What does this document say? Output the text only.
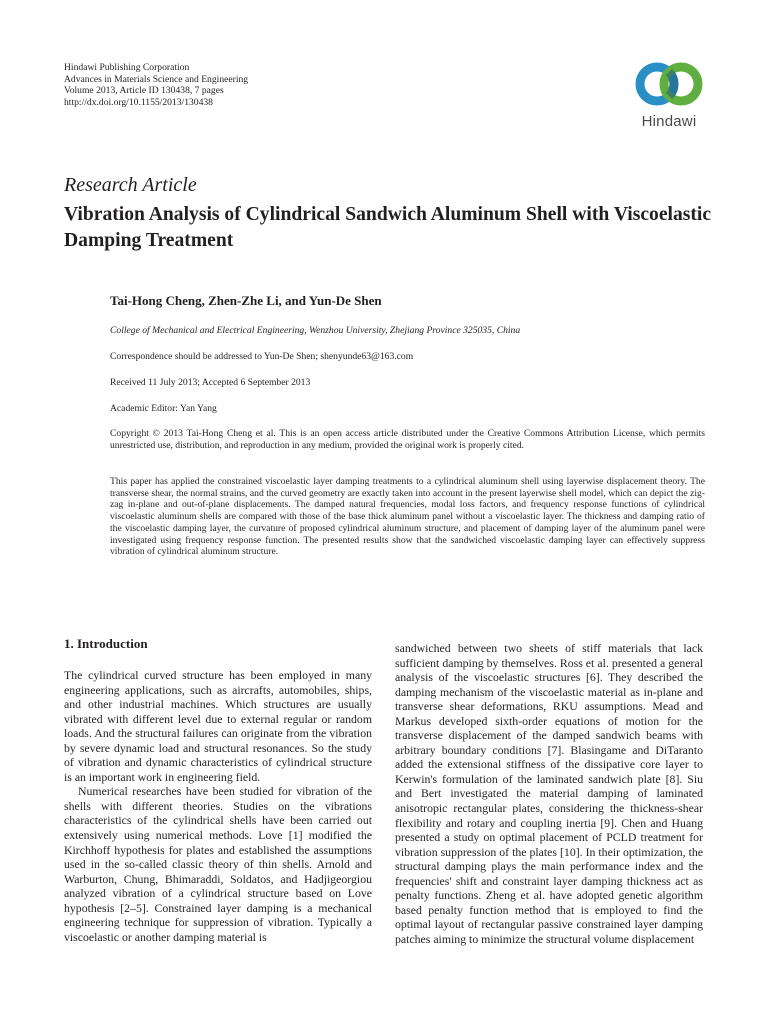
Hindawi Publishing Corporation
Advances in Materials Science and Engineering
Volume 2013, Article ID 130438, 7 pages
http://dx.doi.org/10.1155/2013/130438
Hindawi
Research Article
Vibration Analysis of Cylindrical Sandwich Aluminum Shell with Viscoelastic Damping Treatment
Tai-Hong Cheng, Zhen-Zhe Li, and Yun-De Shen
College of Mechanical and Electrical Engineering, Wenzhou University, Zhejiang Province 325035, China
Correspondence should be addressed to Yun-De Shen; shenyunde63@163.com
Received 11 July 2013; Accepted 6 September 2013
Academic Editor: Yan Yang
Copyright © 2013 Tai-Hong Cheng et al. This is an open access article distributed under the Creative Commons Attribution License, which permits unrestricted use, distribution, and reproduction in any medium, provided the original work is properly cited.
This paper has applied the constrained viscoelastic layer damping treatments to a cylindrical aluminum shell using layerwise displacement theory. The transverse shear, the normal strains, and the curved geometry are exactly taken into account in the present layerwise shell model, which can depict the zig-zag in-plane and out-of-plane displacements. The damped natural frequencies, modal loss factors, and frequency response functions of cylindrical viscoelastic aluminum shells are compared with those of the base thick aluminum panel without a viscoelastic layer. The thickness and damping ratio of the viscoelastic damping layer, the curvature of proposed cylindrical aluminum structure, and placement of damping layer of the aluminum panel were investigated using frequency response function. The presented results show that the sandwiched viscoelastic damping layer can effectively suppress vibration of cylindrical aluminum structure.
1. Introduction

The cylindrical curved structure has been employed in many engineering applications, such as aircrafts, automobiles, ships, and other industrial machines. Which structures are usually vibrated with different level due to external regular or random loads. And the structural failures can originate from the vibration by severe dynamic load and structural resonances. So the study of vibration and dynamic characteristics of cylindrical structure is an important work in engineering field.

Numerical researches have been studied for vibration of the shells with different theories. Studies on the vibrations characteristics of the cylindrical shells have been carried out extensively using numerical methods. Love [1] modified the Kirchhoff hypothesis for plates and established the assumptions used in the so-called classic theory of thin shells. Arnold and Warburton, Chung, Bhimaraddi, Soldatos, and Hadjigeorgiou analyzed vibration of a cylindrical structure based on Love hypothesis [2–5]. Constrained layer damping is a mechanical engineering technique for suppression of vibration. Typically a viscoelastic or another damping material is

sandwiched between two sheets of stiff materials that lack sufficient damping by themselves. Ross et al. presented a general analysis of the viscoelastic structures [6]. They described the damping mechanism of the viscoelastic material as in-plane and transverse shear deformations, RKU assumptions. Mead and Markus developed sixth-order equations of motion for the transverse displacement of the damped sandwich beams with arbitrary boundary conditions [7]. Blasingame and DiTaranto added the extensional stiffness of the dissipative core layer to Kerwin's formulation of the laminated sandwich plate [8]. Siu and Bert investigated the material damping of laminated anisotropic rectangular plates, considering the thickness-shear flexibility and rotary and coupling inertia [9]. Chen and Huang presented a study on optimal placement of PCLD treatment for vibration suppression of the plates [10]. In their optimization, the structural damping plays the main performance index and the frequencies' shift and constraint layer damping thickness act as penalty functions. Zheng et al. have adopted genetic algorithm based penalty function method that is employed to find the optimal layout of rectangular passive constrained layer damping patches aiming to minimize the structural volume displacement
